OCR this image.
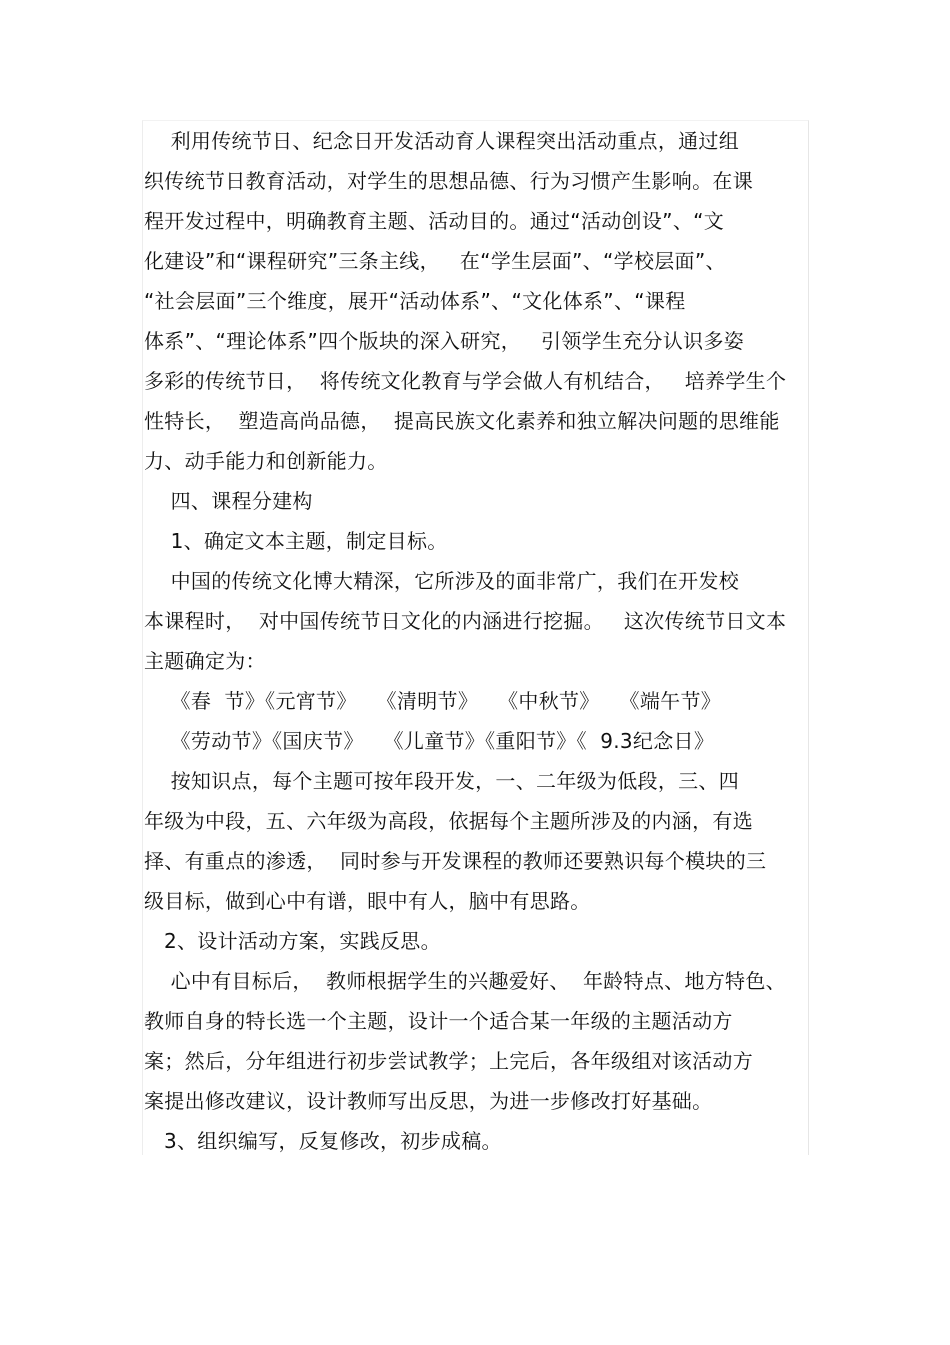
利用传统节日、纪念日开发活动育人课程突出活动重点，通过组
织传统节日教育活动，对学生的思想品德、行为习惯产生影响。在课
程开发过程中，明确教育主题、活动目的。通过“活动创设”、“文
化建设”和“课程研究”三条主线，   在“学生层面”、“学校层面”、
“社会层面”三个维度，展开“活动体系”、“文化体系”、“课程
体系”、“理论体系”四个版块的深入研究，   引领学生充分认识多姿
多彩的传统节日，  将传统文化教育与学会做人有机结合，   培养学生个
性特长，  塑造高尚品德，  提高民族文化素养和独立解决问题的思维能
力、动手能力和创新能力。
四、课程分建构
1、确定文本主题，制定目标。
中国的传统文化博大精深，它所涉及的面非常广，我们在开发校
本课程时，  对中国传统节日文化的内涵进行挖掘。   这次传统节日文本
主题确定为：
《春  节》《元宵节》   《清明节》   《中秋节》   《端午节》
《劳动节》《国庆节》   《儿童节》《重阳节》《  9.3纪念日》
按知识点，每个主题可按年段开发，一、二年级为低段，三、四
年级为中段，五、六年级为高段，依据每个主题所涉及的内涵，有选
择、有重点的渗透，  同时参与开发课程的教师还要熟识每个模块的三
级目标，做到心中有谱，眼中有人，脑中有思路。
2、设计活动方案，实践反思。
心中有目标后，  教师根据学生的兴趣爱好、  年龄特点、地方特色、
教师自身的特长选一个主题，设计一个适合某一年级的主题活动方
案；然后，分年组进行初步尝试教学；上完后，各年级组对该活动方
案提出修改建议，设计教师写出反思，为进一步修改打好基础。
3、组织编写，反复修改，初步成稿。
